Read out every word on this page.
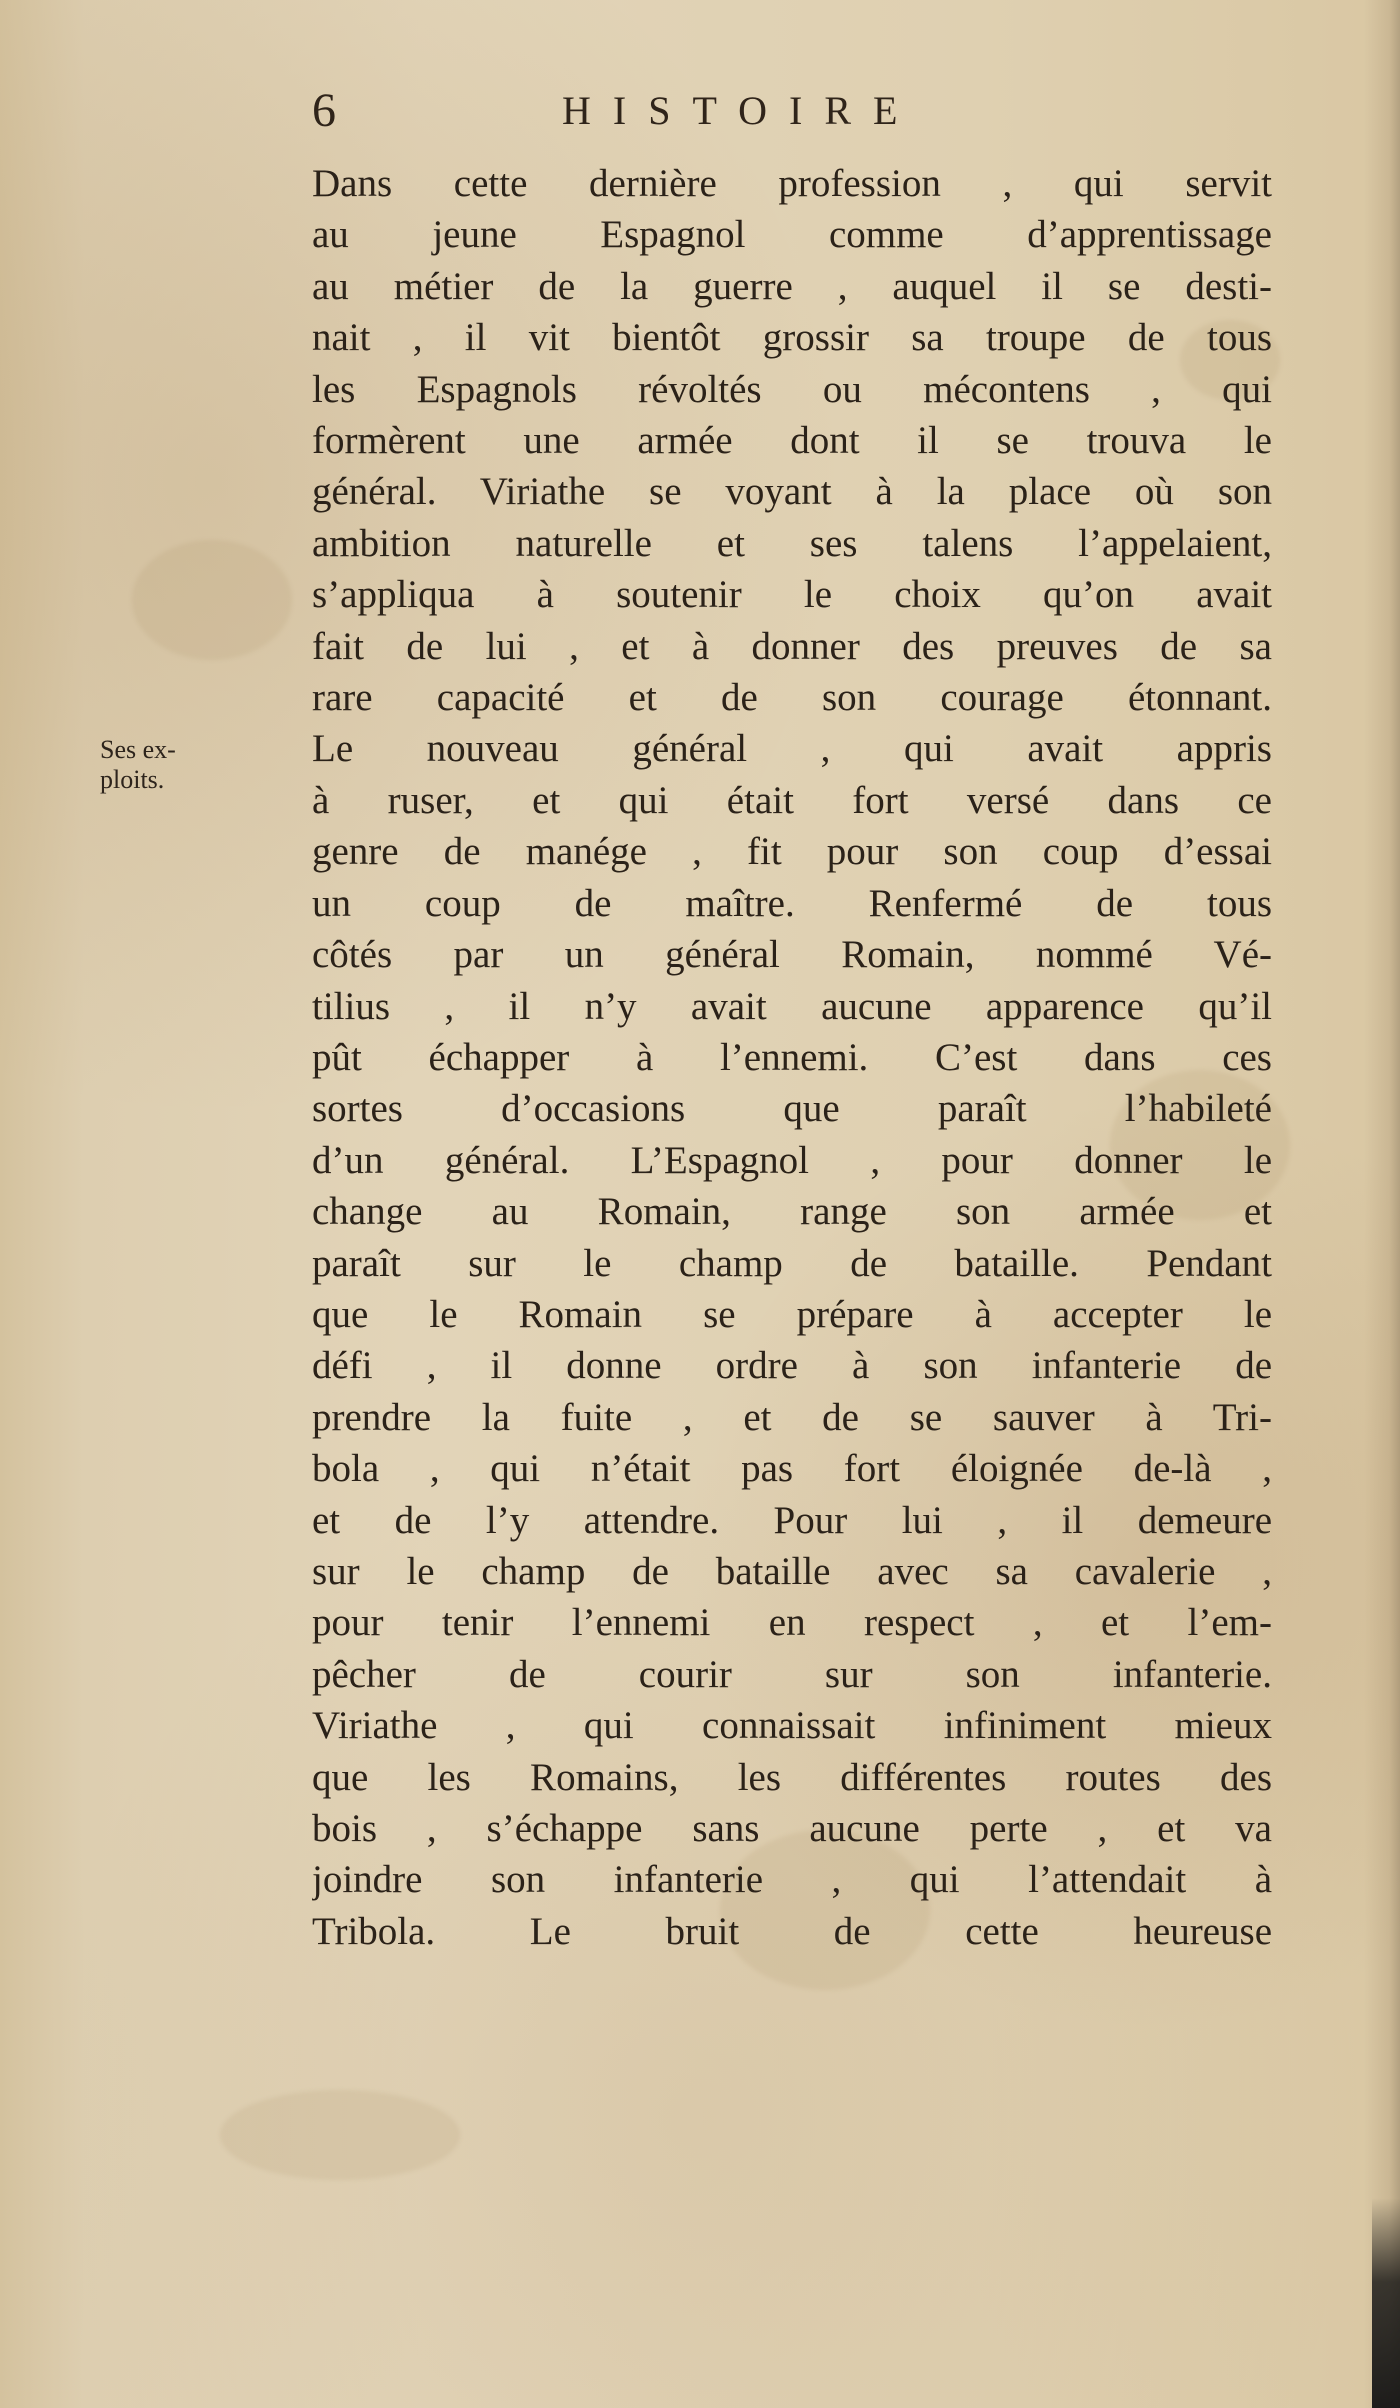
6	HISTOIRE
Ses ex-
ploits.
Dans cette dernière profession , qui servit
au jeune Espagnol comme d’apprentissage
au métier de la guerre , auquel il se desti-
nait , il vit bientôt grossir sa troupe de tous
les Espagnols révoltés ou mécontens , qui
formèrent une armée dont il se trouva le
général. Viriathe se voyant à la place où son
ambition naturelle et ses talens l’appelaient,
s’appliqua à soutenir le choix qu’on avait
fait de lui , et à donner des preuves de sa
rare capacité et de son courage étonnant.
Le nouveau général , qui avait appris
à ruser, et qui était fort versé dans ce
genre de manége , fit pour son coup d’essai
un coup de maître. Renfermé de tous
côtés par un général Romain, nommé Vé-
tilius , il n’y avait aucune apparence qu’il
pût échapper à l’ennemi. C’est dans ces
sortes d’occasions que paraît l’habileté
d’un général. L’Espagnol , pour donner le
change au Romain, range son armée et
paraît sur le champ de bataille. Pendant
que le Romain se prépare à accepter le
défi , il donne ordre à son infanterie de
prendre la fuite , et de se sauver à Tri-
bola , qui n’était pas fort éloignée de-là ,
et de l’y attendre. Pour lui , il demeure
sur le champ de bataille avec sa cavalerie ,
pour tenir l’ennemi en respect , et l’em-
pêcher de courir sur son infanterie.
Viriathe , qui connaissait infiniment mieux
que les Romains, les différentes routes des
bois , s’échappe sans aucune perte , et va
joindre son infanterie , qui l’attendait à
Tribola. Le bruit de cette heureuse
